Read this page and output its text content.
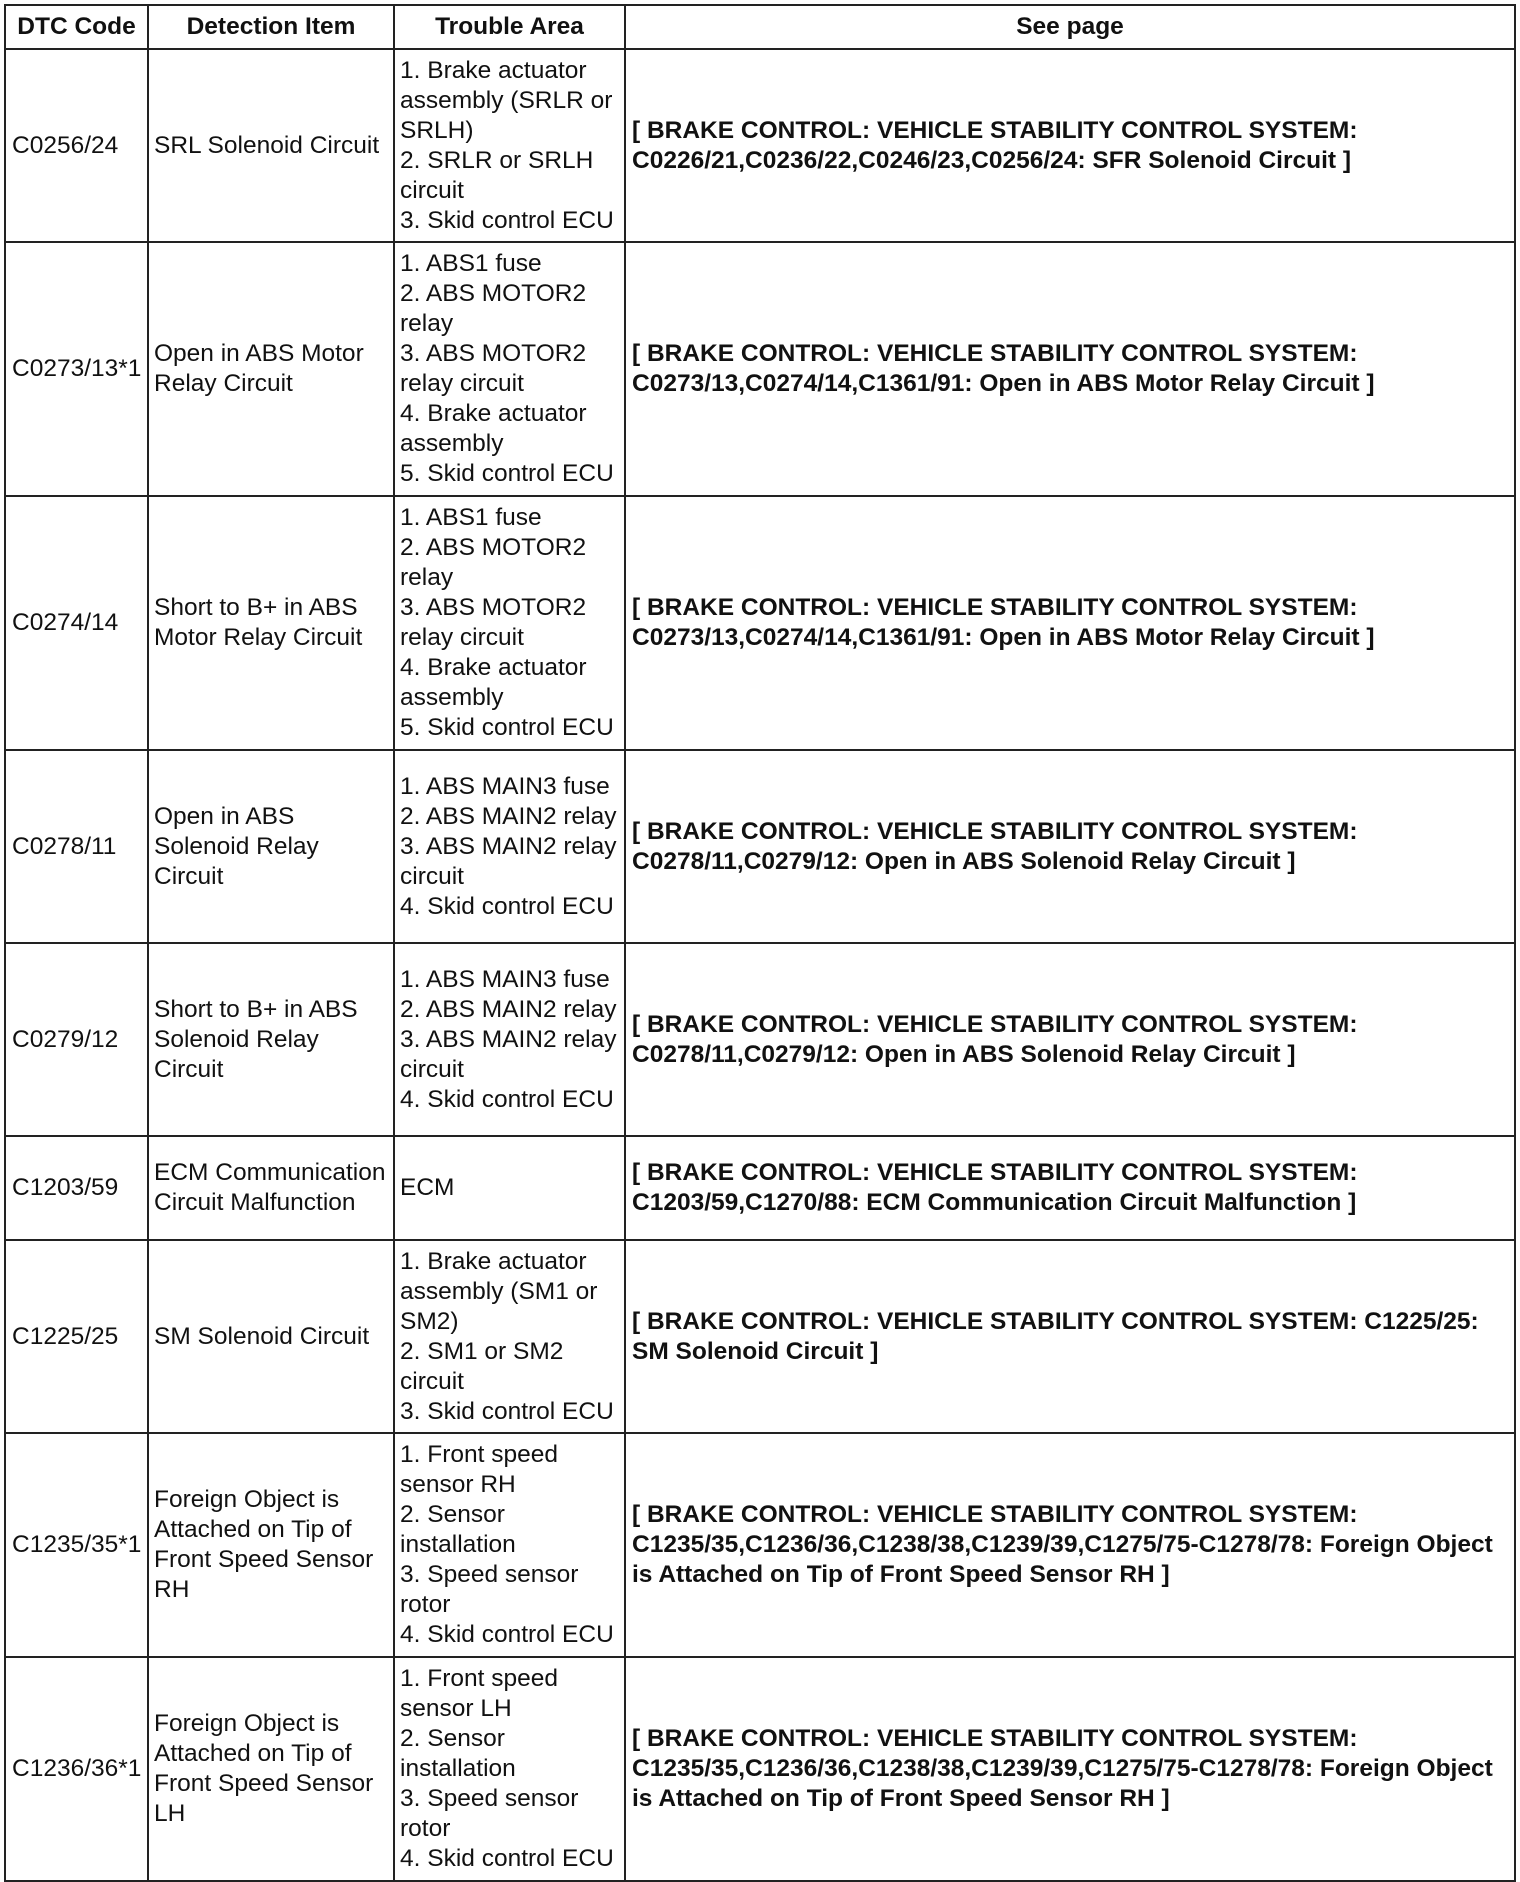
DTC Code	Detection Item	Trouble Area	See page
C0256/24	SRL Solenoid Circuit	1. Brake actuator assembly (SRLR or SRLH)
2. SRLR or SRLH circuit
3. Skid control ECU	[ BRAKE CONTROL: VEHICLE STABILITY CONTROL SYSTEM: C0226/21,C0236/22,C0246/23,C0256/24: SFR Solenoid Circuit ]
C0273/13*1	Open in ABS Motor Relay Circuit	1. ABS1 fuse
2. ABS MOTOR2 relay
3. ABS MOTOR2 relay circuit
4. Brake actuator assembly
5. Skid control ECU	[ BRAKE CONTROL: VEHICLE STABILITY CONTROL SYSTEM: C0273/13,C0274/14,C1361/91: Open in ABS Motor Relay Circuit ]
C0274/14	Short to B+ in ABS Motor Relay Circuit	1. ABS1 fuse
2. ABS MOTOR2 relay
3. ABS MOTOR2 relay circuit
4. Brake actuator assembly
5. Skid control ECU	[ BRAKE CONTROL: VEHICLE STABILITY CONTROL SYSTEM: C0273/13,C0274/14,C1361/91: Open in ABS Motor Relay Circuit ]
C0278/11	Open in ABS Solenoid Relay Circuit	1. ABS MAIN3 fuse
2. ABS MAIN2 relay
3. ABS MAIN2 relay circuit
4. Skid control ECU	[ BRAKE CONTROL: VEHICLE STABILITY CONTROL SYSTEM: C0278/11,C0279/12: Open in ABS Solenoid Relay Circuit ]
C0279/12	Short to B+ in ABS Solenoid Relay Circuit	1. ABS MAIN3 fuse
2. ABS MAIN2 relay
3. ABS MAIN2 relay circuit
4. Skid control ECU	[ BRAKE CONTROL: VEHICLE STABILITY CONTROL SYSTEM: C0278/11,C0279/12: Open in ABS Solenoid Relay Circuit ]
C1203/59	ECM Communication Circuit Malfunction	ECM	[ BRAKE CONTROL: VEHICLE STABILITY CONTROL SYSTEM: C1203/59,C1270/88: ECM Communication Circuit Malfunction ]
C1225/25	SM Solenoid Circuit	1. Brake actuator assembly (SM1 or SM2)
2. SM1 or SM2 circuit
3. Skid control ECU	[ BRAKE CONTROL: VEHICLE STABILITY CONTROL SYSTEM: C1225/25: SM Solenoid Circuit ]
C1235/35*1	Foreign Object is Attached on Tip of Front Speed Sensor RH	1. Front speed sensor RH
2. Sensor installation
3. Speed sensor rotor
4. Skid control ECU	[ BRAKE CONTROL: VEHICLE STABILITY CONTROL SYSTEM: C1235/35,C1236/36,C1238/38,C1239/39,C1275/75-C1278/78: Foreign Object is Attached on Tip of Front Speed Sensor RH ]
C1236/36*1	Foreign Object is Attached on Tip of Front Speed Sensor LH	1. Front speed sensor LH
2. Sensor installation
3. Speed sensor rotor
4. Skid control ECU	[ BRAKE CONTROL: VEHICLE STABILITY CONTROL SYSTEM: C1235/35,C1236/36,C1238/38,C1239/39,C1275/75-C1278/78: Foreign Object is Attached on Tip of Front Speed Sensor RH ]
